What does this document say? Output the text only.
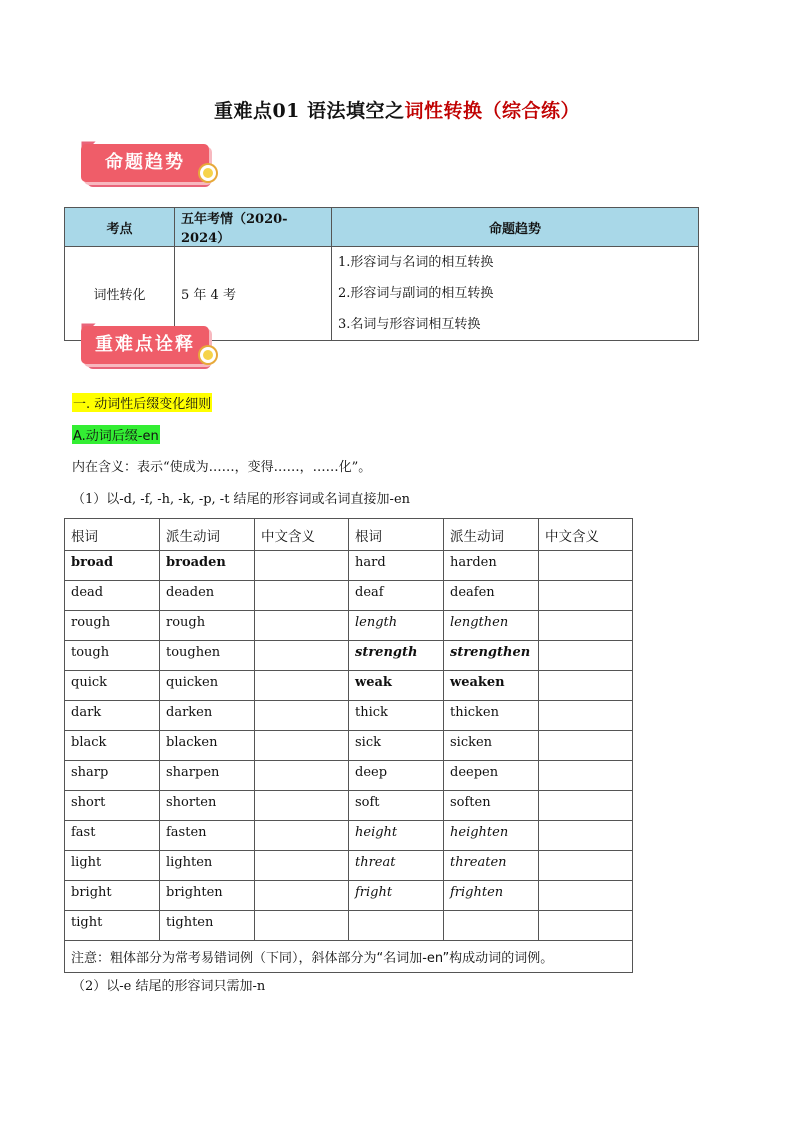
重难点01 语法填空之词性转换（综合练）
命题趋势
考点	五年考情（2020-2024）	命题趋势
词性转化	5 年 4 考	1.形容词与名词的相互转换
2.形容词与副词的相互转换
3.名词与形容词相互转换
重难点诠释
一. 动词性后缀变化细则
A.动词后缀-en
内在含义：表示“使成为……，变得……，……化”。
（1）以-d, -f, -h, -k, -p, -t 结尾的形容词或名词直接加-en
根词	派生动词	中文含义	根词	派生动词	中文含义
broad	broaden		hard	harden	
dead	deaden		deaf	deafen	
rough	rough		length	lengthen	
tough	toughen		strength	strengthen	
quick	quicken		weak	weaken	
dark	darken		thick	thicken	
black	blacken		sick	sicken	
sharp	sharpen		deep	deepen	
short	shorten		soft	soften	
fast	fasten		height	heighten	
light	lighten		threat	threaten	
bright	brighten		fright	frighten	
tight	tighten				
注意：粗体部分为常考易错词例（下同），斜体部分为“名词加-en”构成动词的词例。					
（2）以-e 结尾的形容词只需加-n
